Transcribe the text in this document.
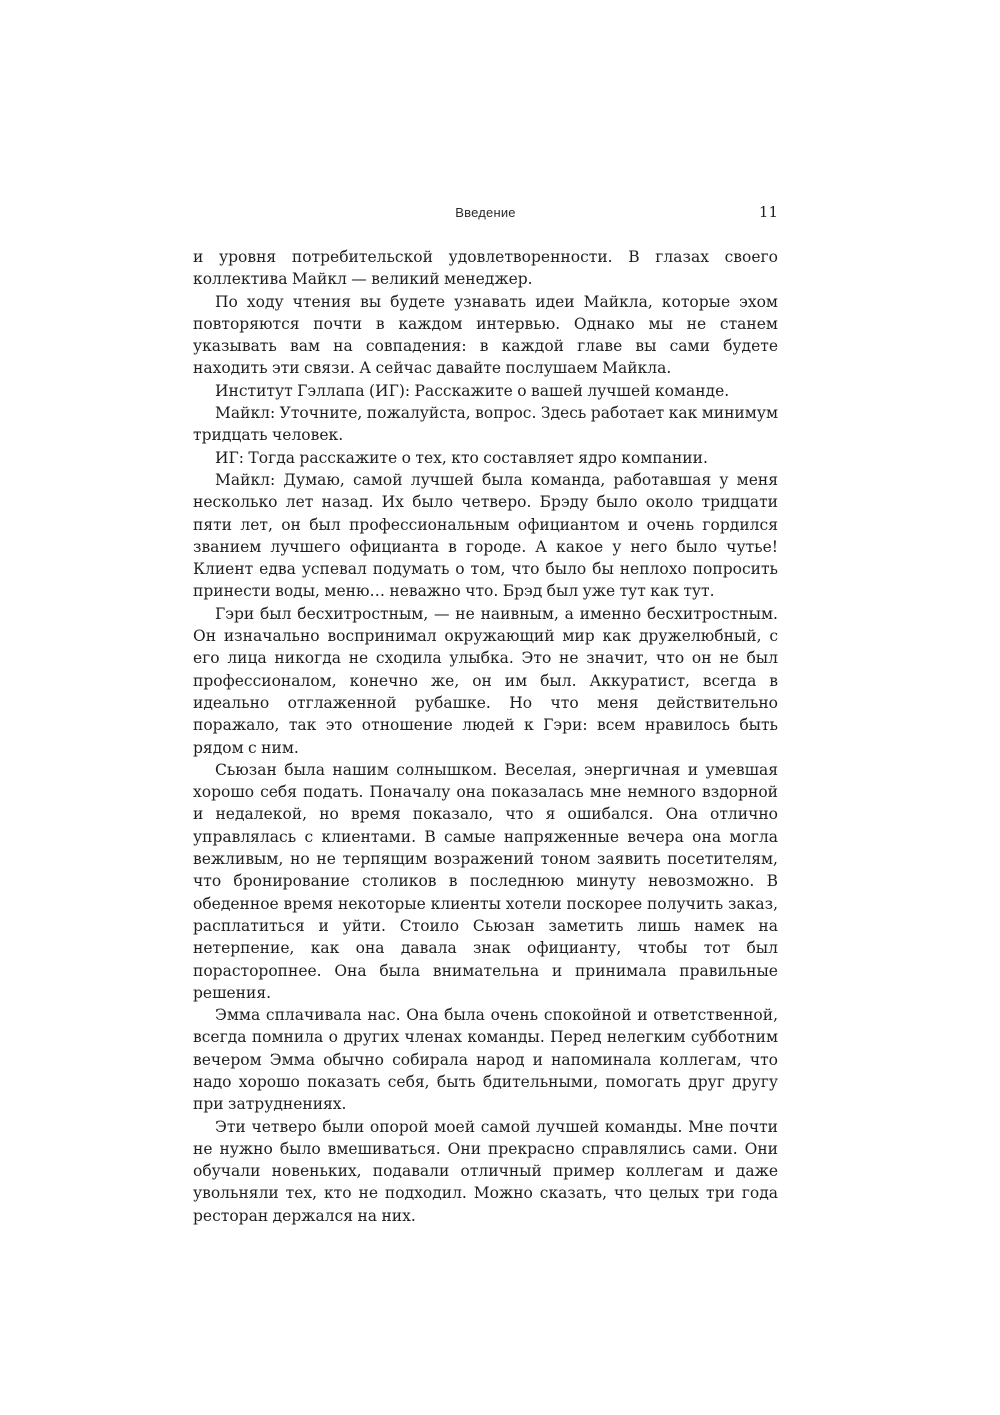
Введение	11

и уровня потребительской удовлетворенности. В глазах своего коллектива Майкл — великий менеджер.

По ходу чтения вы будете узнавать идеи Майкла, которые эхом повторяются почти в каждом интервью. Однако мы не станем указывать вам на совпадения: в каждой главе вы сами будете находить эти связи. А сейчас давайте послушаем Майкла.

Институт Гэллапа (ИГ): Расскажите о вашей лучшей команде.

Майкл: Уточните, пожалуйста, вопрос. Здесь работает как минимум тридцать человек.

ИГ: Тогда расскажите о тех, кто составляет ядро компании.

Майкл: Думаю, самой лучшей была команда, работавшая у меня несколько лет назад. Их было четверо. Брэду было около тридцати пяти лет, он был профессиональным официантом и очень гордился званием лучшего официанта в городе. А какое у него было чутье! Клиент едва успевал подумать о том, что было бы неплохо попросить принести воды, меню… неважно что. Брэд был уже тут как тут.

Гэри был бесхитростным, — не наивным, а именно бесхитростным. Он изначально воспринимал окружающий мир как дружелюбный, с его лица никогда не сходила улыбка. Это не значит, что он не был профессионалом, конечно же, он им был. Аккуратист, всегда в идеально отглаженной рубашке. Но что меня действительно поражало, так это отношение людей к Гэри: всем нравилось быть рядом с ним.

Сьюзан была нашим солнышком. Веселая, энергичная и умевшая хорошо себя подать. Поначалу она показалась мне немного вздорной и недалекой, но время показало, что я ошибался. Она отлично управлялась с клиентами. В самые напряженные вечера она могла вежливым, но не терпящим возражений тоном заявить посетителям, что бронирование столиков в последнюю минуту невозможно. В обеденное время некоторые клиенты хотели поскорее получить заказ, расплатиться и уйти. Стоило Сьюзан заметить лишь намек на нетерпение, как она давала знак официанту, чтобы тот был порасторопнее. Она была внимательна и принимала правильные решения.

Эмма сплачивала нас. Она была очень спокойной и ответственной, всегда помнила о других членах команды. Перед нелегким субботним вечером Эмма обычно собирала народ и напоминала коллегам, что надо хорошо показать себя, быть бдительными, помогать друг другу при затруднениях.

Эти четверо были опорой моей самой лучшей команды. Мне почти не нужно было вмешиваться. Они прекрасно справлялись сами. Они обучали новеньких, подавали отличный пример коллегам и даже увольняли тех, кто не подходил. Можно сказать, что целых три года ресторан держался на них.
